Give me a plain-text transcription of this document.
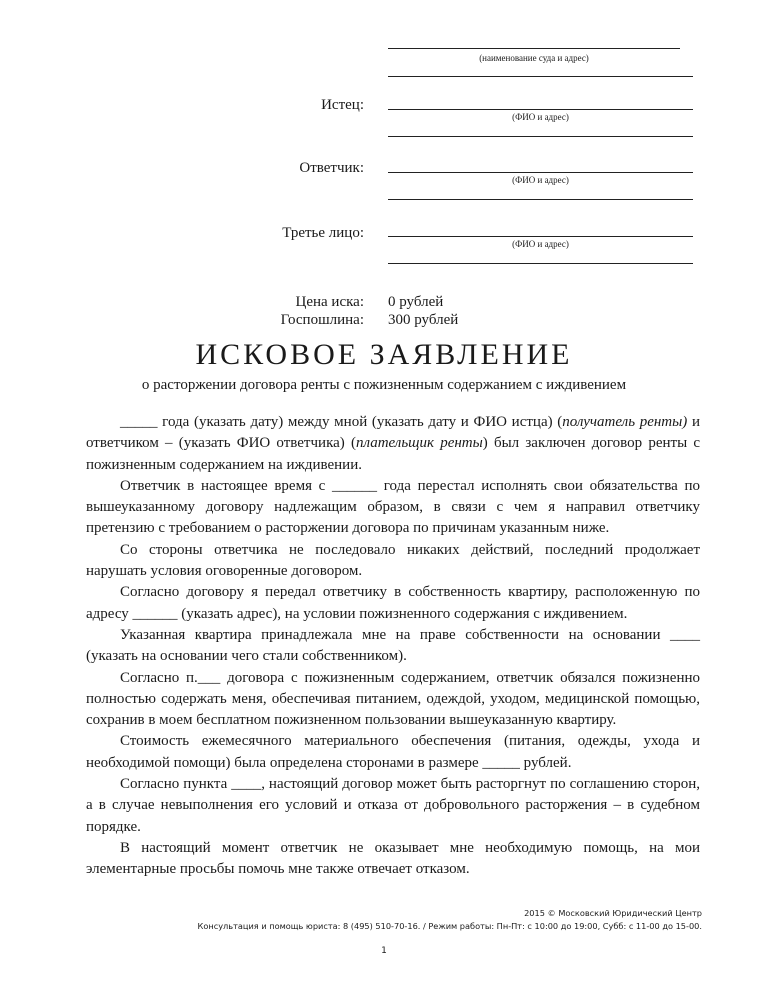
(наименование суда и адрес)
Истец:
(ФИО и адрес)
Ответчик:
(ФИО и адрес)
Третье лицо:
(ФИО и адрес)
Цена иска: 0 рублей
Госпошлина: 300 рублей
ИСКОВОЕ ЗАЯВЛЕНИЕ
о расторжении договора ренты с пожизненным содержанием с иждивением

_____ года (указать дату) между мной (указать дату и ФИО истца) (получатель ренты) и ответчиком – (указать ФИО ответчика) (плательщик ренты) был заключен договор ренты с пожизненным содержанием на иждивении.

Ответчик в настоящее время с ______ года перестал исполнять свои обязательства по вышеуказанному договору надлежащим образом, в связи с чем я направил ответчику претензию с требованием о расторжении договора по причинам указанным ниже.

Со стороны ответчика не последовало никаких действий, последний продолжает нарушать условия оговоренные договором.

Согласно договору я передал ответчику в собственность квартиру, расположенную по адресу ______ (указать адрес), на условии пожизненного содержания с иждивением.

Указанная квартира принадлежала мне на праве собственности на основании ____ (указать на основании чего стали собственником).

Согласно п.___ договора с пожизненным содержанием, ответчик обязался пожизненно полностью содержать меня, обеспечивая питанием, одеждой, уходом, медицинской помощью, сохранив в моем бесплатном пожизненном пользовании вышеуказанную квартиру.

Стоимость ежемесячного материального обеспечения (питания, одежды, ухода и необходимой помощи) была определена сторонами в размере _____ рублей.

Согласно пункта ____, настоящий договор может быть расторгнут по соглашению сторон, а в случае невыполнения его условий и отказа от добровольного расторжения – в судебном порядке.

В настоящий момент ответчик не оказывает мне необходимую помощь, на мои элементарные просьбы помочь мне также отвечает отказом.

2015 © Московский Юридический Центр
Консультация и помощь юриста: 8 (495) 510-70-16. / Режим работы: Пн-Пт: с 10:00 до 19:00, Субб: с 11-00 до 15-00.
1
